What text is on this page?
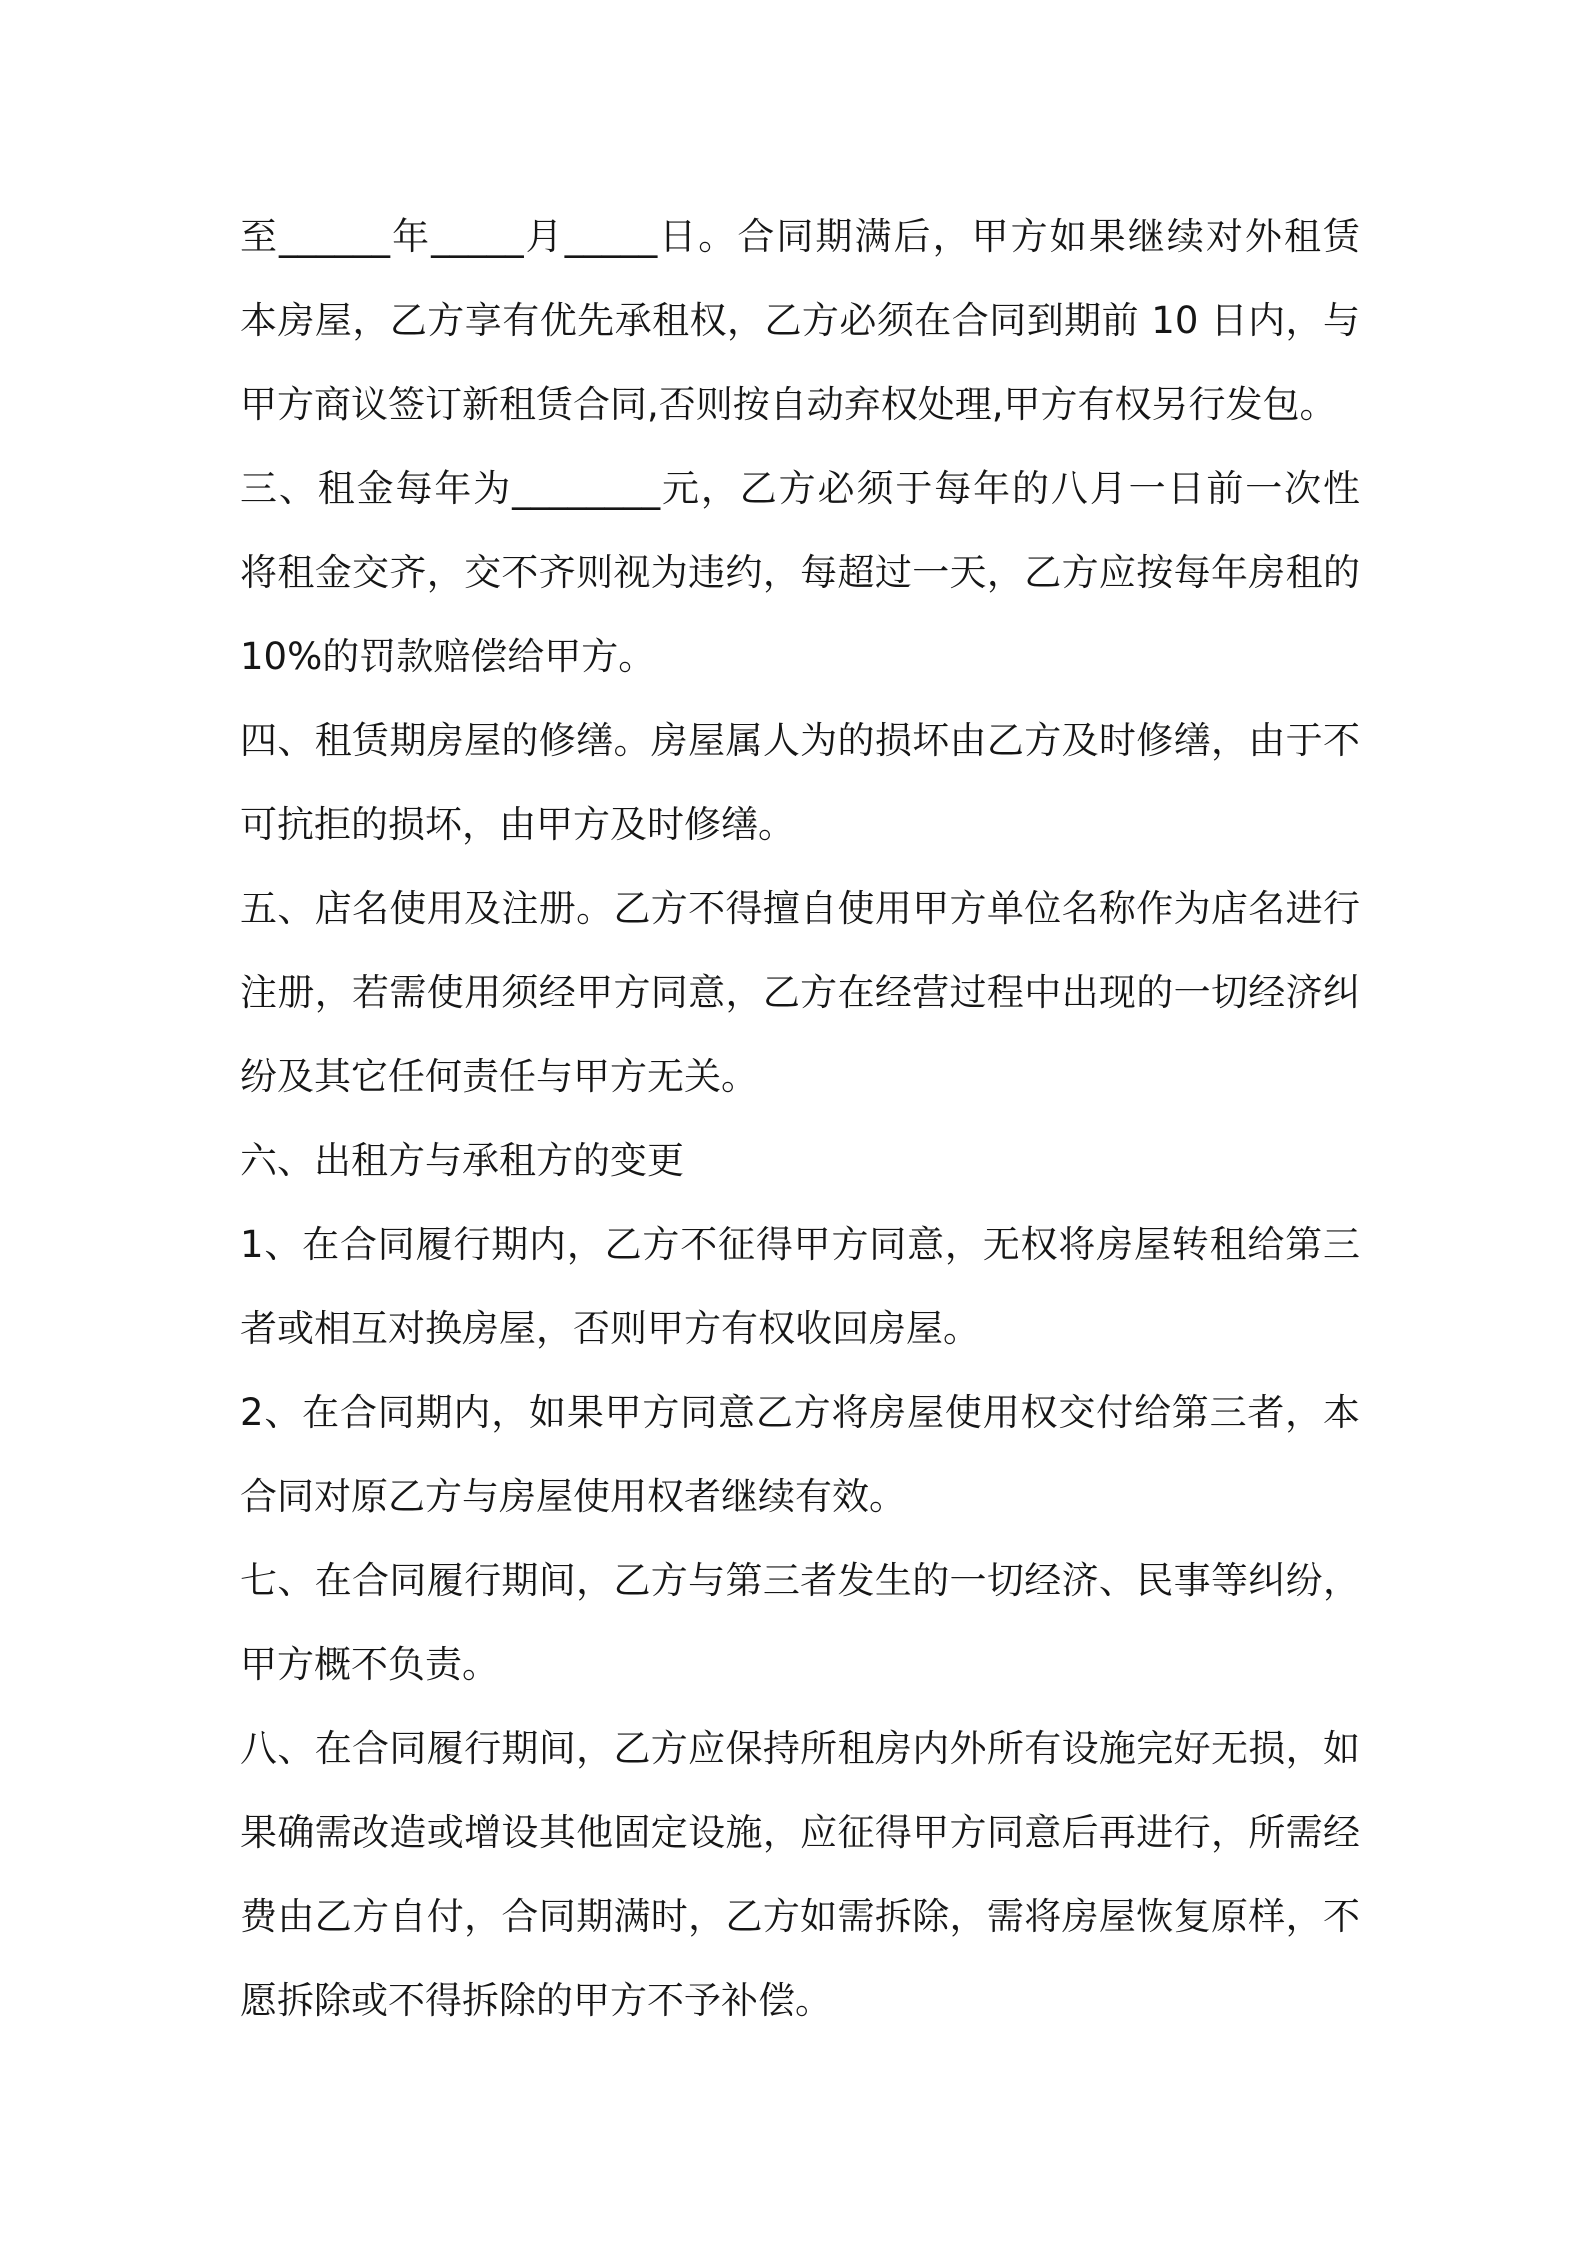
至______年_____月_____日。合同期满后，甲方如果继续对外租赁
本房屋，乙方享有优先承租权，乙方必须在合同到期前 10 日内，与
甲方商议签订新租赁合同,否则按自动弃权处理,甲方有权另行发包。
三、租金每年为________元，乙方必须于每年的八月一日前一次性
将租金交齐，交不齐则视为违约，每超过一天，乙方应按每年房租的
10%的罚款赔偿给甲方。
四、租赁期房屋的修缮。房屋属人为的损坏由乙方及时修缮，由于不
可抗拒的损坏，由甲方及时修缮。
五、店名使用及注册。乙方不得擅自使用甲方单位名称作为店名进行
注册，若需使用须经甲方同意，乙方在经营过程中出现的一切经济纠
纷及其它任何责任与甲方无关。
六、出租方与承租方的变更
1、在合同履行期内，乙方不征得甲方同意，无权将房屋转租给第三
者或相互对换房屋，否则甲方有权收回房屋。
2、在合同期内，如果甲方同意乙方将房屋使用权交付给第三者，本
合同对原乙方与房屋使用权者继续有效。
七、在合同履行期间，乙方与第三者发生的一切经济、民事等纠纷，
甲方概不负责。
八、在合同履行期间，乙方应保持所租房内外所有设施完好无损，如
果确需改造或增设其他固定设施，应征得甲方同意后再进行，所需经
费由乙方自付，合同期满时，乙方如需拆除，需将房屋恢复原样，不
愿拆除或不得拆除的甲方不予补偿。
